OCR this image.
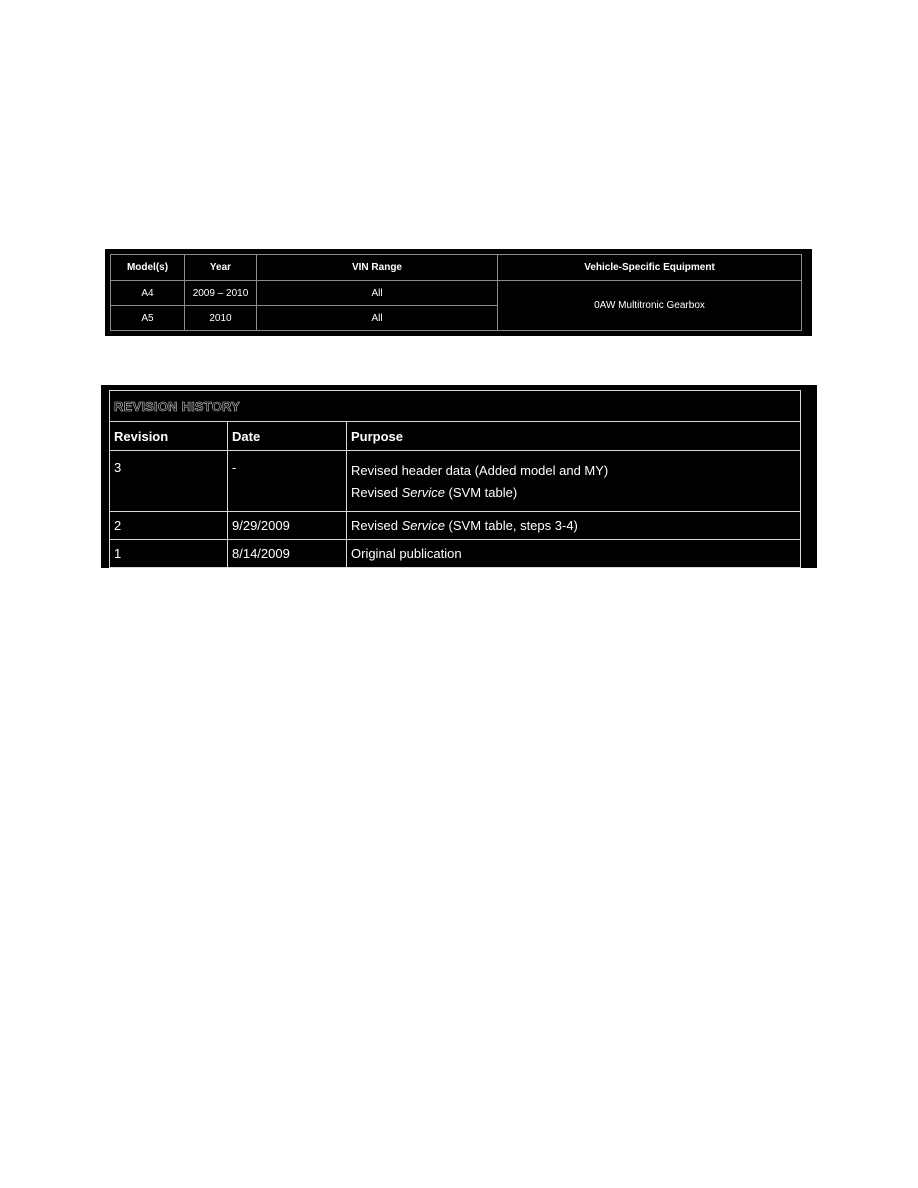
Model(s)	Year	VIN Range	Vehicle-Specific Equipment
A4	2009 – 2010	All	0AW Multitronic Gearbox
A5	2010	All	
REVISION HISTORY		
Revision	Date	Purpose
3	-	Revised header data (Added model and MY)
Revised Service (SVM table)

2	9/29/2009	Revised Service (SVM table, steps 3-4)
1	8/14/2009	Original publication
